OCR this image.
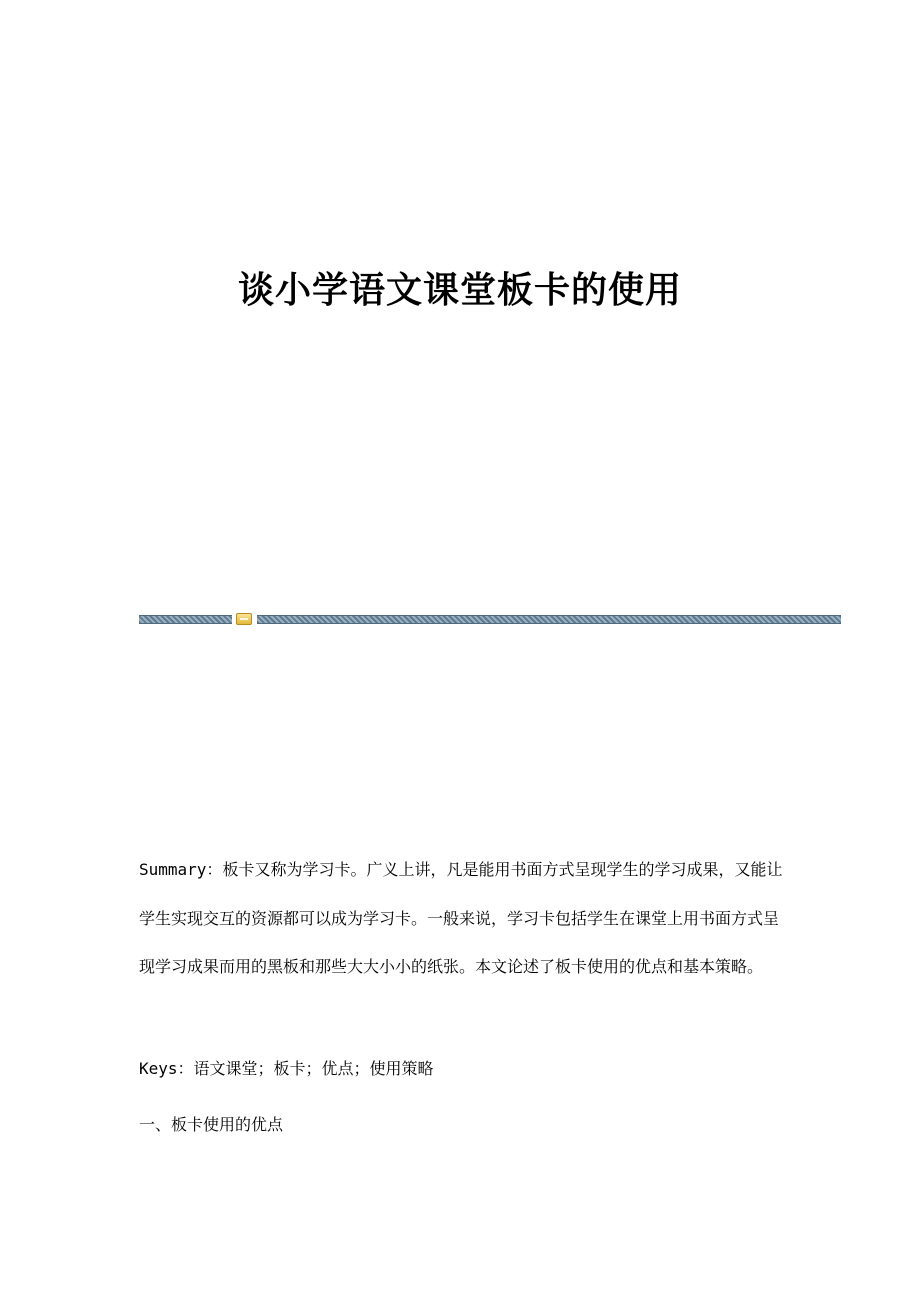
谈小学语文课堂板卡的使用

Summary：板卡又称为学习卡。广义上讲，凡是能用书面方式呈现学生的学习成果，又能让学生实现交互的资源都可以成为学习卡。一般来说，学习卡包括学生在课堂上用书面方式呈现学习成果而用的黑板和那些大大小小的纸张。本文论述了板卡使用的优点和基本策略。

Keys：语文课堂；板卡；优点；使用策略

一、板卡使用的优点
